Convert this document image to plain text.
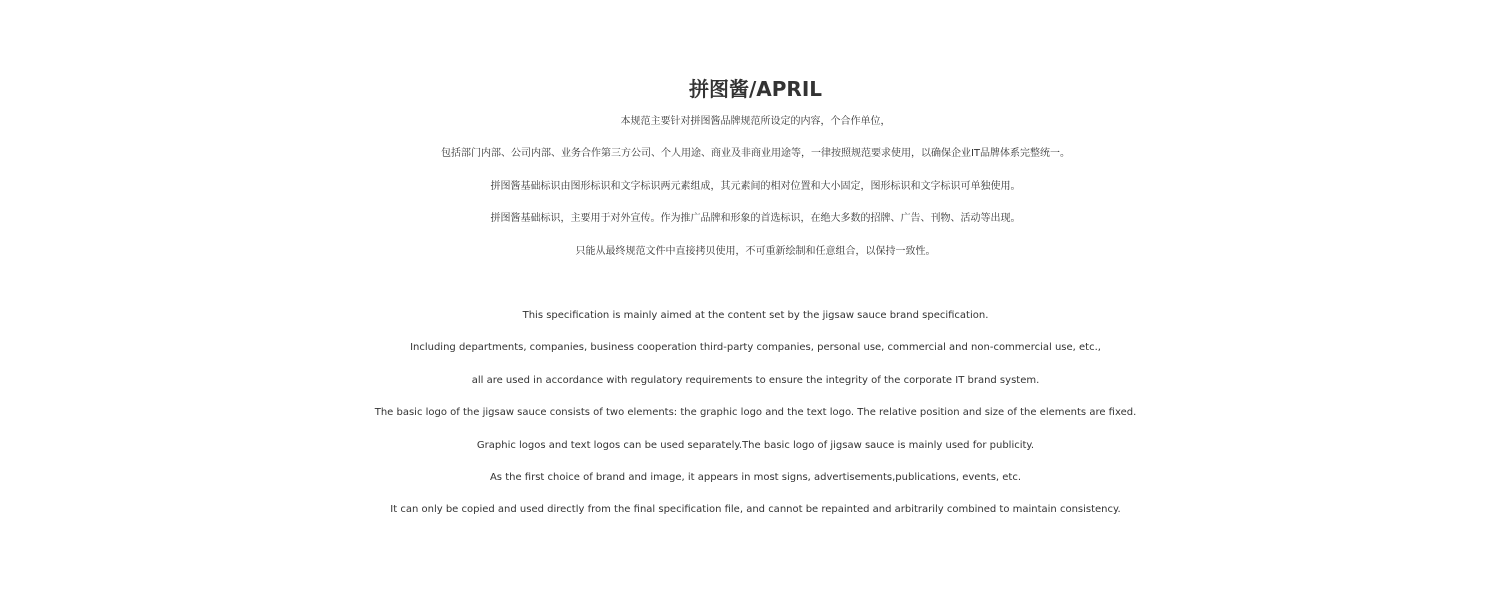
拼图酱/APRIL
本规范主要针对拼图酱品牌规范所设定的内容，个合作单位，
包括部门内部、公司内部、业务合作第三方公司、个人用途、商业及非商业用途等，一律按照规范要求使用，以确保企业IT品牌体系完整统一。
拼图酱基础标识由图形标识和文字标识两元素组成，其元素间的相对位置和大小固定，图形标识和文字标识可单独使用。
拼图酱基础标识，主要用于对外宣传。作为推广品牌和形象的首选标识，在绝大多数的招牌、广告、刊物、活动等出现。
只能从最终规范文件中直接拷贝使用，不可重新绘制和任意组合，以保持一致性。
This specification is mainly aimed at the content set by the jigsaw sauce brand specification.
Including departments, companies, business cooperation third-party companies, personal use, commercial and non-commercial use, etc.,
all are used in accordance with regulatory requirements to ensure the integrity of the corporate IT brand system.
The basic logo of the jigsaw sauce consists of two elements: the graphic logo and the text logo. The relative position and size of the elements are fixed.
Graphic logos and text logos can be used separately.The basic logo of jigsaw sauce is mainly used for publicity.
As the first choice of brand and image, it appears in most signs, advertisements,publications, events, etc.
It can only be copied and used directly from the final specification file, and cannot be repainted and arbitrarily combined to maintain consistency.
